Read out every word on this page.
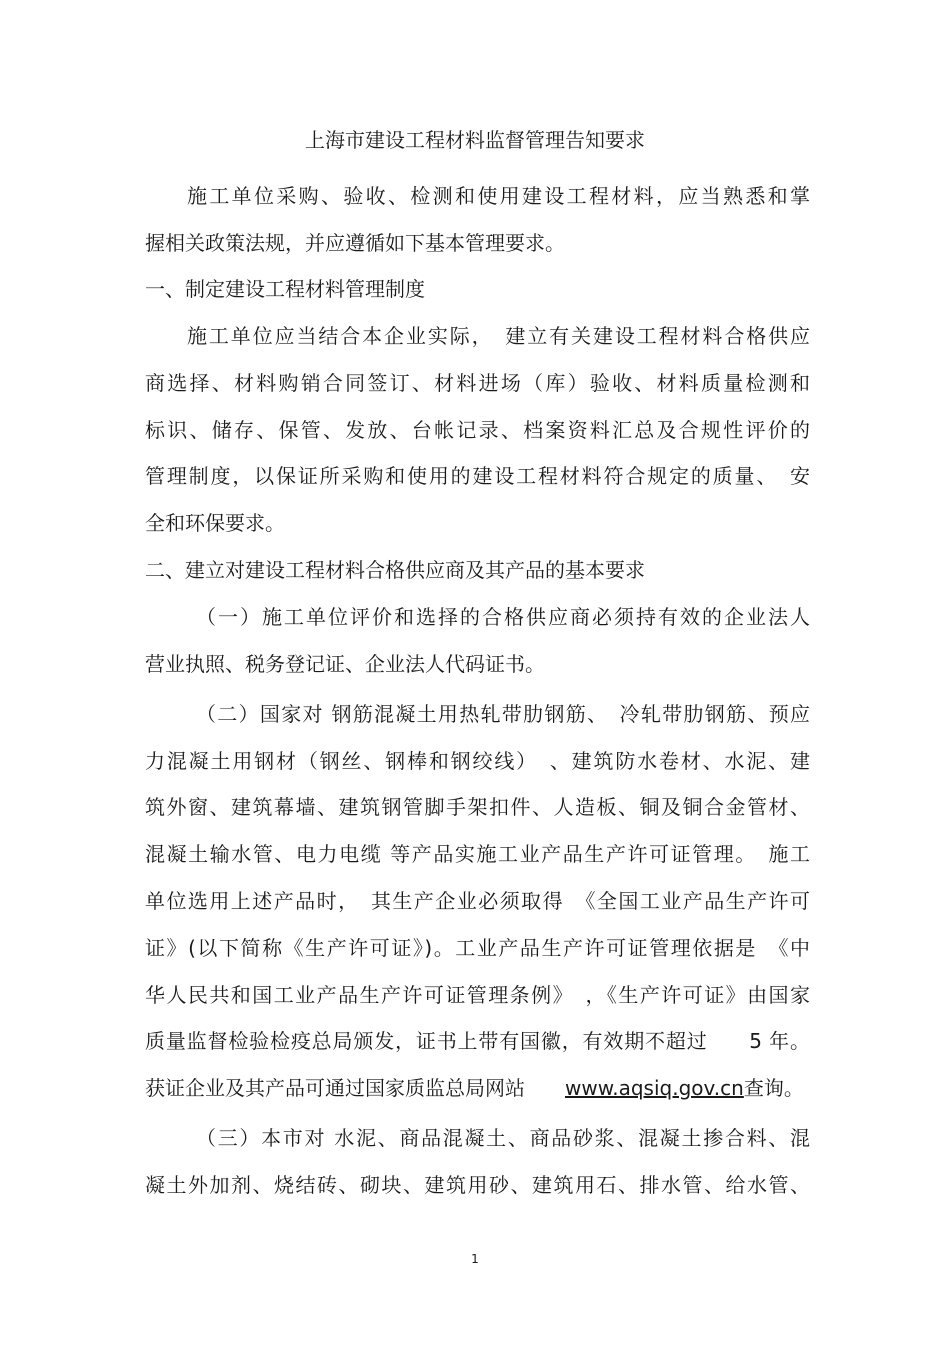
上海市建设工程材料监督管理告知要求
施工单位采购、验收、检测和使用建设工程材料，应当熟悉和掌
握相关政策法规，并应遵循如下基本管理要求。
一、制定建设工程材料管理制度
施工单位应当结合本企业实际，　建立有关建设工程材料合格供应
商选择、材料购销合同签订、材料进场（库）验收、材料质量检测和
标识、储存、保管、发放、台帐记录、档案资料汇总及合规性评价的
管理制度，以保证所采购和使用的建设工程材料符合规定的质量、　安
全和环保要求。
二、建立对建设工程材料合格供应商及其产品的基本要求
（一）施工单位评价和选择的合格供应商必须持有效的企业法人
营业执照、税务登记证、企业法人代码证书。
（二）国家对 钢筋混凝土用热轧带肋钢筋、　冷轧带肋钢筋、预应
力混凝土用钢材（钢丝、钢棒和钢绞线）　、建筑防水卷材、水泥、建
筑外窗、建筑幕墙、建筑钢管脚手架扣件、人造板、铜及铜合金管材、
混凝土输水管、电力电缆 等产品实施工业产品生产许可证管理。　施工
单位选用上述产品时，　其生产企业必须取得　《全国工业产品生产许可
证》(以下简称《生产许可证》)。工业产品生产许可证管理依据是　《中
华人民共和国工业产品生产许可证管理条例》　，《生产许可证》由国家
质量监督检验检疫总局颁发，证书上带有国徽，有效期不超过　　5 年。
获证企业及其产品可通过国家质监总局网站　　www.aqsiq.gov.cn查询。
（三）本市对 水泥、商品混凝土、商品砂浆、混凝土掺合料、混
凝土外加剂、烧结砖、砌块、建筑用砂、建筑用石、排水管、给水管、
1
